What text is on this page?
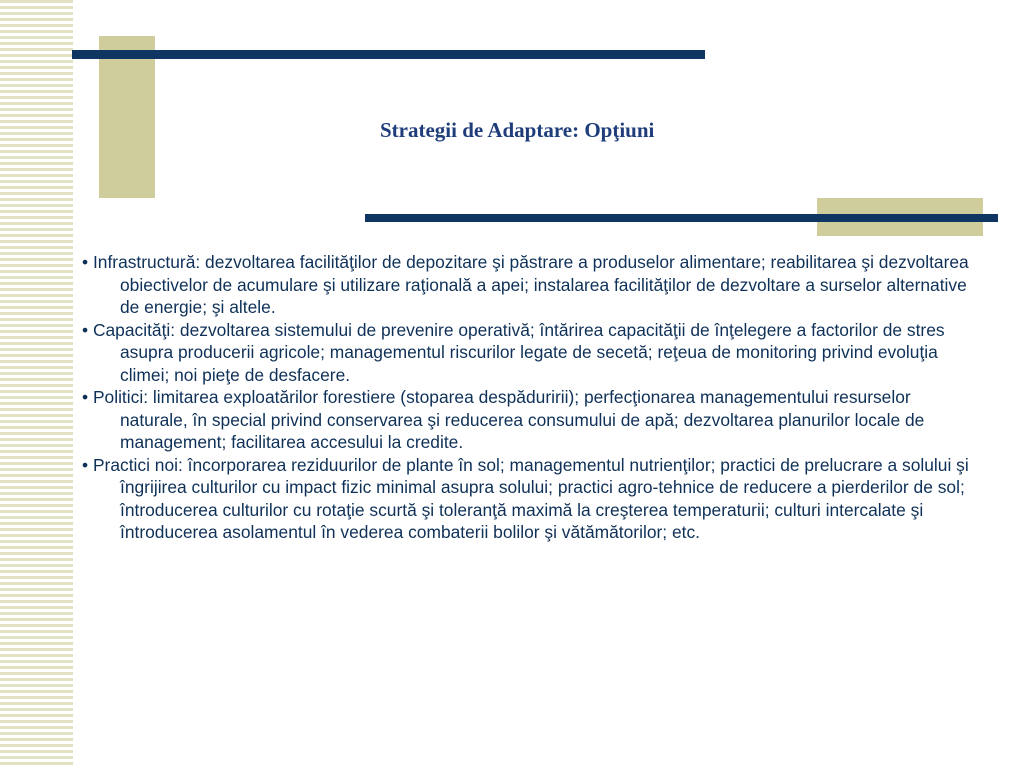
Strategii de Adaptare: Opţiuni
• Infrastructură: dezvoltarea facilităţilor de depozitare şi păstrare a produselor alimentare; reabilitarea şi dezvoltarea obiectivelor de acumulare şi utilizare raţională a apei; instalarea facilităţilor de dezvoltare a surselor alternative de energie; şi altele.
• Capacităţi: dezvoltarea sistemului de prevenire operativă; întărirea capacităţii de înţelegere a factorilor de stres asupra producerii agricole; managementul riscurilor legate de secetă; reţeua de monitoring privind evoluţia climei; noi pieţe de desfacere.
• Politici: limitarea exploatărilor forestiere (stoparea despăduririi); perfecţionarea managementului resurselor naturale, în special privind conservarea şi reducerea consumului de apă; dezvoltarea planurilor locale de management; facilitarea accesului la credite.
• Practici noi: încorporarea reziduurilor de plante în sol; managementul nutrienţilor; practici de prelucrare a solului şi îngrijirea culturilor cu impact fizic minimal asupra solului; practici agro-tehnice de reducere a pierderilor de sol; întroducerea culturilor cu rotaţie scurtă şi toleranţă maximă la creşterea temperaturii; culturi intercalate şi întroducerea asolamentul în vederea combaterii bolilor şi vătămătorilor; etc.
